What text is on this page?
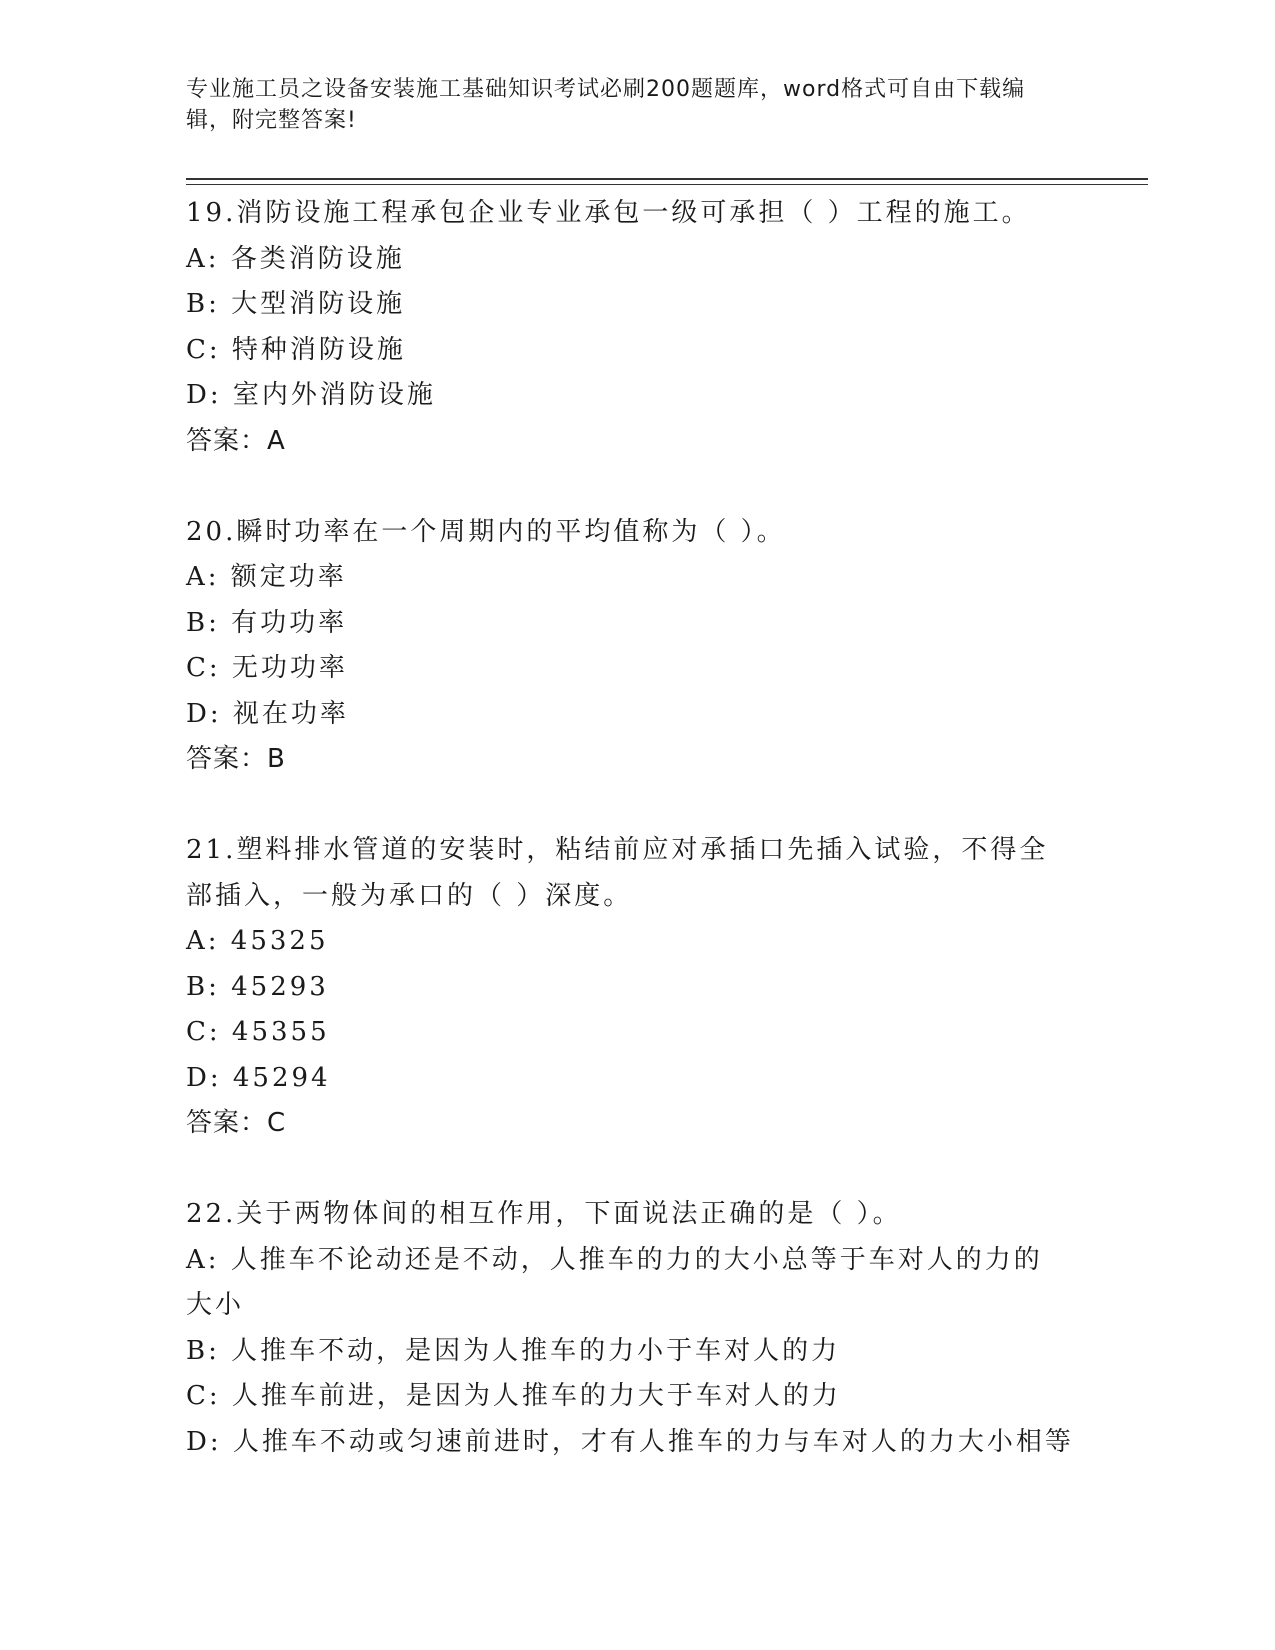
专业施工员之设备安装施工基础知识考试必刷200题题库，word格式可自由下载编辑，附完整答案!
19.消防设施工程承包企业专业承包一级可承担（ ）工程的施工。
A: 各类消防设施
B: 大型消防设施
C: 特种消防设施
D: 室内外消防设施
答案：A
20.瞬时功率在一个周期内的平均值称为（ ）。
A: 额定功率
B: 有功功率
C: 无功功率
D: 视在功率
答案：B
21.塑料排水管道的安装时，粘结前应对承插口先插入试验，不得全部插入，一般为承口的（ ）深度。
A: 45325
B: 45293
C: 45355
D: 45294
答案：C
22.关于两物体间的相互作用，下面说法正确的是（ ）。
A: 人推车不论动还是不动，人推车的力的大小总等于车对人的力的大小
B: 人推车不动，是因为人推车的力小于车对人的力
C: 人推车前进，是因为人推车的力大于车对人的力
D: 人推车不动或匀速前进时，才有人推车的力与车对人的力大小相等
